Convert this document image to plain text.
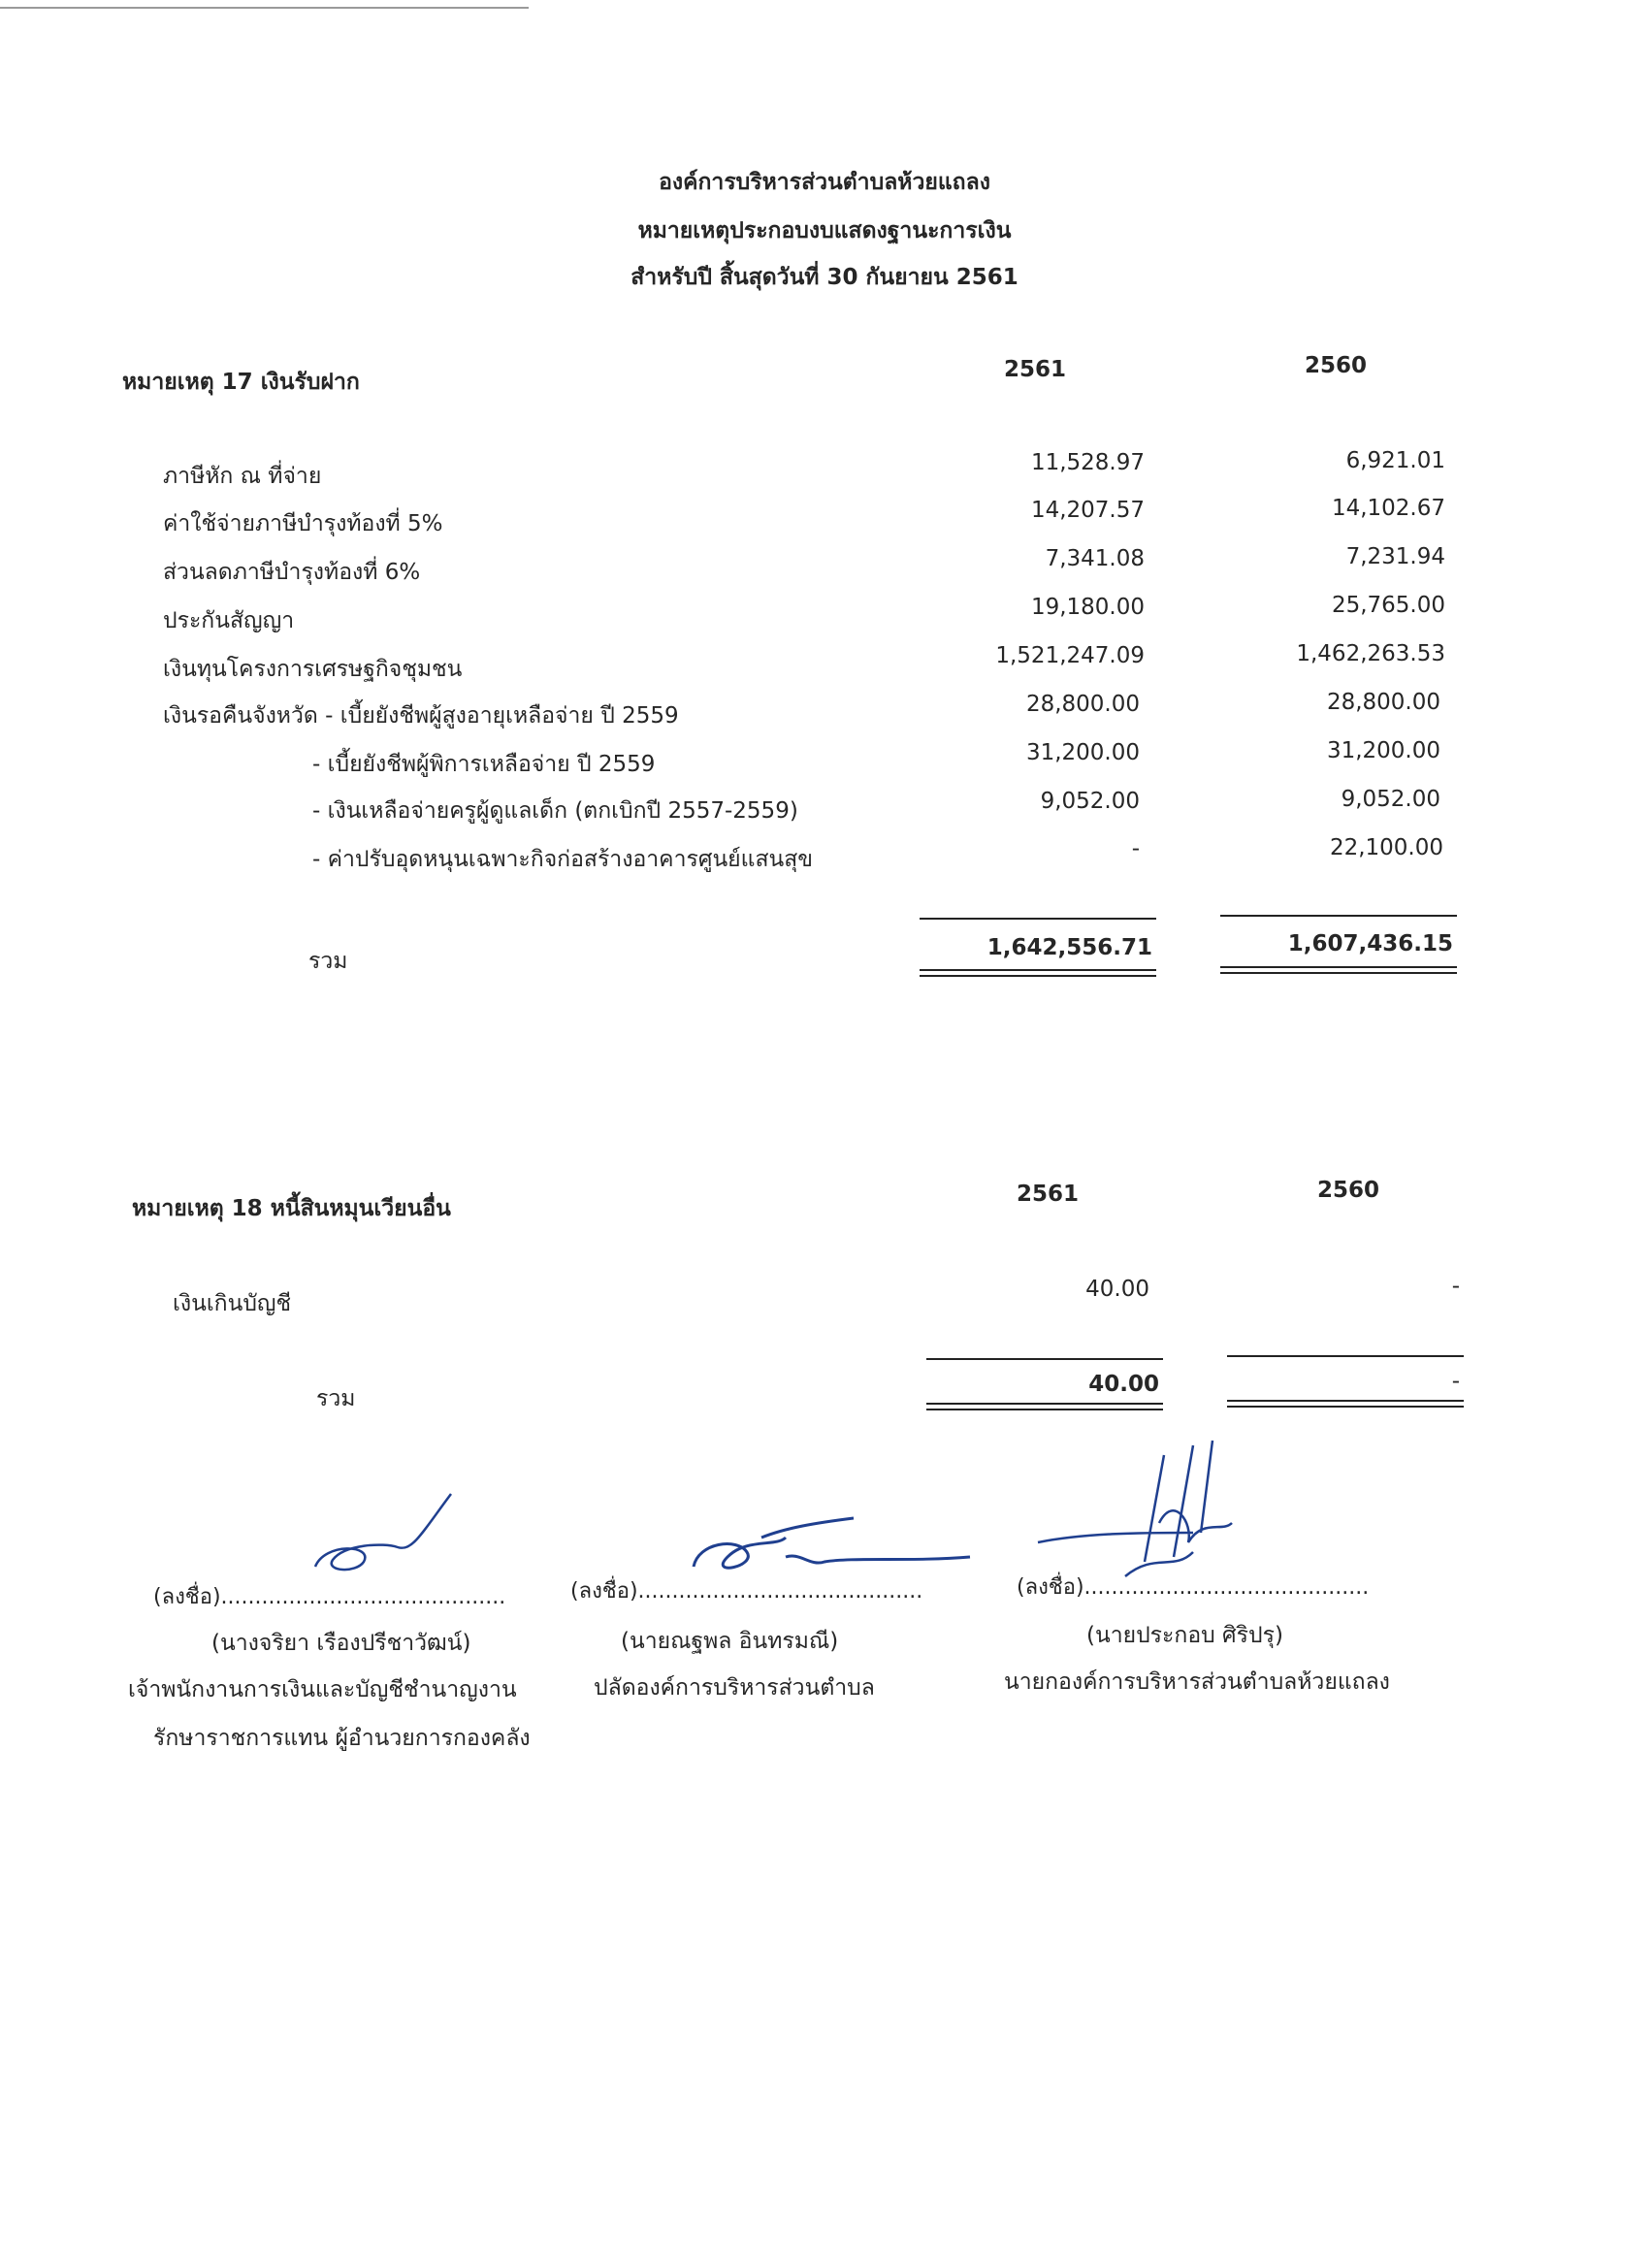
องค์การบริหารส่วนตำบลห้วยแถลง
หมายเหตุประกอบงบแสดงฐานะการเงิน
สำหรับปี สิ้นสุดวันที่ 30 กันยายน 2561
หมายเหตุ 17 เงินรับฝาก	2561	2560
ภาษีหัก ณ ที่จ่าย
11,528.97	6,921.01
ค่าใช้จ่ายภาษีบำรุงท้องที่ 5%
14,207.57	14,102.67
ส่วนลดภาษีบำรุงท้องที่ 6%
7,341.08	7,231.94
ประกันสัญญา
19,180.00	25,765.00
เงินทุนโครงการเศรษฐกิจชุมชน
1,521,247.09	1,462,263.53
เงินรอคืนจังหวัด - เบี้ยยังชีพผู้สูงอายุเหลือจ่าย ปี 2559	28,800.00	28,800.00
- เบี้ยยังชีพผู้พิการเหลือจ่าย ปี 2559	31,200.00	31,200.00
- เงินเหลือจ่ายครูผู้ดูแลเด็ก (ตกเบิกปี 2557-2559)	9,052.00	9,052.00
- ค่าปรับอุดหนุนเฉพาะกิจก่อสร้างอาคารศูนย์แสนสุข	-	22,100.00
รวม
1,642,556.71	1,607,436.15
หมายเหตุ 18 หนี้สินหมุนเวียนอื่น
2561	2560
เงินเกินบัญชี
40.00	-
รวม
40.00	-
(ลงชื่อ)..........................................
(นางจริยา เรืองปรีชาวัฒน์)
เจ้าพนักงานการเงินและบัญชีชำนาญงาน
รักษาราชการแทน ผู้อำนวยการกองคลัง
(ลงชื่อ)..........................................
(นายณฐพล อินทรมณี)
ปลัดองค์การบริหารส่วนตำบล
(ลงชื่อ)..........................................
(นายประกอบ ศิริปรุ)
นายกองค์การบริหารส่วนตำบลห้วยแถลง
